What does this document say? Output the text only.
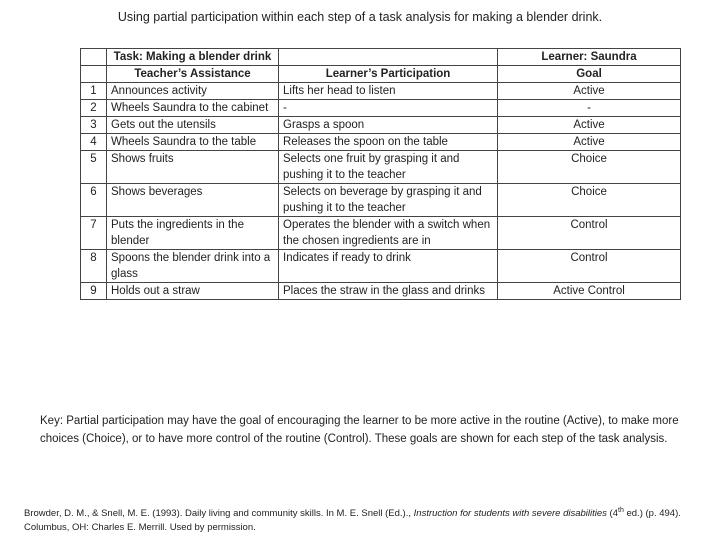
Using partial participation within each step of a task analysis for making a blender drink.
	Task: Making a blender drink		Learner: Saundra
	Teacher’s Assistance	Learner’s Participation	Goal
1	Announces activity	Lifts her head to listen	Active
2	Wheels Saundra to the cabinet	-	-
3	Gets out the utensils	Grasps a spoon	Active
4	Wheels Saundra to the table	Releases the spoon on the table	Active
5	Shows fruits	Selects one fruit by grasping it and pushing it to the teacher	Choice
6	Shows beverages	Selects on beverage by grasping it and pushing it to the teacher	Choice
7	Puts the ingredients in the blender	Operates the blender with a switch when the chosen ingredients are in	Control
8	Spoons the blender drink into a glass	Indicates if ready to drink	Control
9	Holds out a straw	Places the straw in the glass and drinks	Active Control
Key: Partial participation may have the goal of encouraging the learner to be more active in the routine (Active), to make more choices (Choice), or to have more control of the routine (Control). These goals are shown for each step of the task analysis.
Browder, D. M., & Snell, M. E. (1993). Daily living and community skills. In M. E. Snell (Ed.)., Instruction for students with severe disabilities (4th ed.) (p. 494). Columbus, OH: Charles E. Merrill. Used by permission.
